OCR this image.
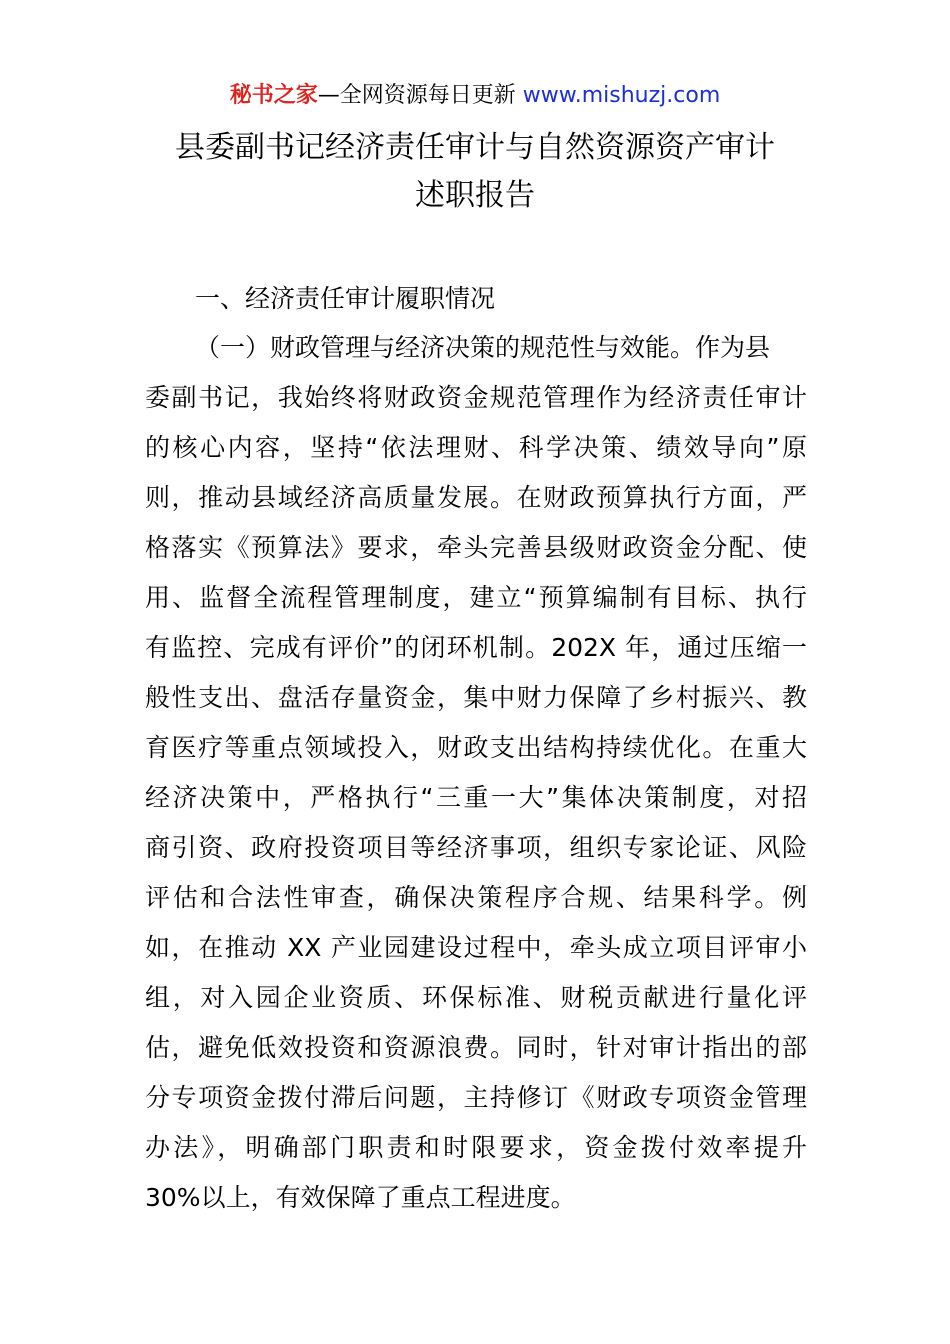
秘书之家—全网资源每日更新 www.mishuzj.com
县委副书记经济责任审计与自然资源资产审计
述职报告
一、经济责任审计履职情况
（一）财政管理与经济决策的规范性与效能。作为县
委副书记，我始终将财政资金规范管理作为经济责任审计
的核心内容，坚持“依法理财、科学决策、绩效导向”原
则，推动县域经济高质量发展。在财政预算执行方面，严
格落实《预算法》要求，牵头完善县级财政资金分配、使
用、监督全流程管理制度，建立“预算编制有目标、执行
有监控、完成有评价”的闭环机制。202X 年，通过压缩一
般性支出、盘活存量资金，集中财力保障了乡村振兴、教
育医疗等重点领域投入，财政支出结构持续优化。在重大
经济决策中，严格执行“三重一大”集体决策制度，对招
商引资、政府投资项目等经济事项，组织专家论证、风险
评估和合法性审查，确保决策程序合规、结果科学。例
如，在推动 XX 产业园建设过程中，牵头成立项目评审小
组，对入园企业资质、环保标准、财税贡献进行量化评
估，避免低效投资和资源浪费。同时，针对审计指出的部
分专项资金拨付滞后问题，主持修订《财政专项资金管理
办法》，明确部门职责和时限要求，资金拨付效率提升
30%以上，有效保障了重点工程进度。
